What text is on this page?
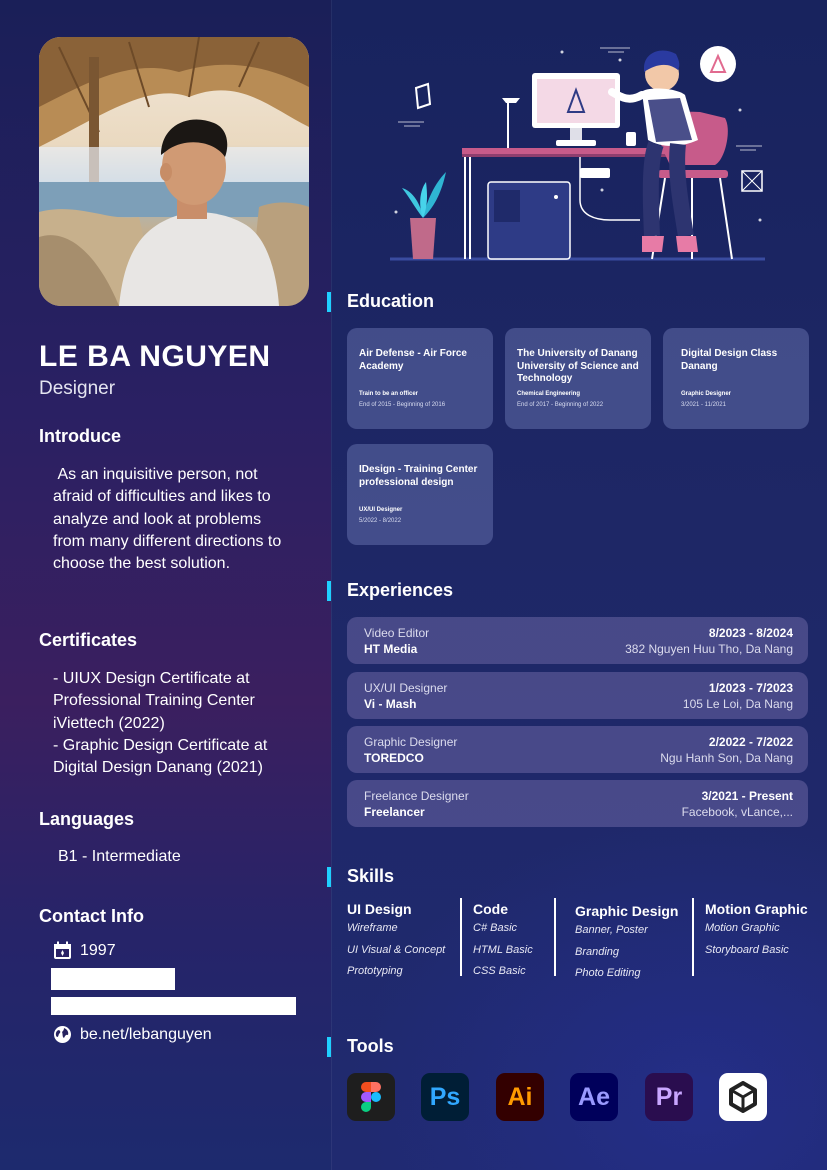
LE BA NGUYEN
Designer
Introduce
As an inquisitive person, not afraid of difficulties and likes to analyze and look at problems from many different directions to choose the best solution.
Certificates
- UIUX Design Certificate at Professional Training Center iViettech (2022)
- Graphic Design Certificate at Digital Design Danang (2021)
Languages
B1 - Intermediate
Contact Info
1997
be.net/lebanguyen
Education
Air Defense - Air Force Academy
Train to be an officer
End of 2015 - Beginning of 2016
The University of Danang University of Science and Technology
Chemical Engineering
End of 2017 - Beginning of 2022
Digital Design Class Danang
Graphic Designer
3/2021 - 11/2021
IDesign - Training Center professional design
UX/UI Designer
5/2022 - 8/2022
Experiences
Video Editor
HT Media
8/2023 - 8/2024
382 Nguyen Huu Tho, Da Nang
UX/UI Designer
Vi - Mash
1/2023 - 7/2023
105 Le Loi, Da Nang
Graphic Designer
TOREDCO
2/2022 - 7/2022
Ngu Hanh Son, Da Nang
Freelance Designer
Freelancer
3/2021 - Present
Facebook, vLance,...
Skills
UI Design
Wireframe
UI Visual & Concept
Prototyping
Code
C# Basic
HTML Basic
CSS Basic
Graphic Design
Banner, Poster
Branding
Photo Editing
Motion Graphic
Motion Graphic
Storyboard Basic
Tools
Ps Ai Ae Pr
